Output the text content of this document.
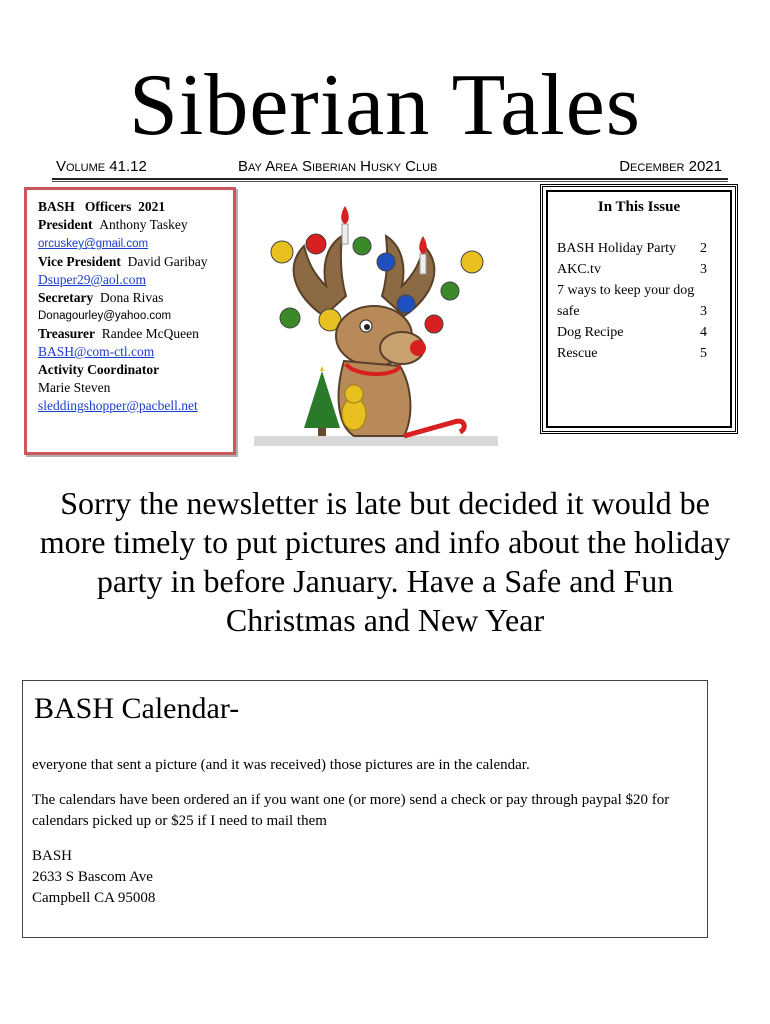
Siberian Tales
Volume 41.12	Bay Area Siberian Husky Club	December 2021
BASH   Officers  2021
President Anthony Taskey
orcuskey@gmail.com
Vice President David Garibay
Dsuper29@aol.com
Secretary Dona Rivas
Donagourley@yahoo.com
Treasurer Randee McQueen
BASH@com-ctl.com
Activity Coordinator
Marie Steven
sleddingshopper@pacbell.net
In This Issue
BASH Holiday Party 2
AKC.tv	3
7 ways to keep your dog
safe	3
Dog Recipe	4
Rescue	5
Sorry the newsletter is late but decided it would be more timely to put pictures and info about the holiday party in before January. Have a Safe and Fun Christmas and New Year
BASH Calendar-

everyone that sent a picture (and it was received) those pictures are in the calendar.

The calendars have been ordered an if you want one (or more) send a check or pay through paypal $20 for calendars picked up or $25 if I need to mail them

BASH
2633 S Bascom Ave
Campbell CA 95008
